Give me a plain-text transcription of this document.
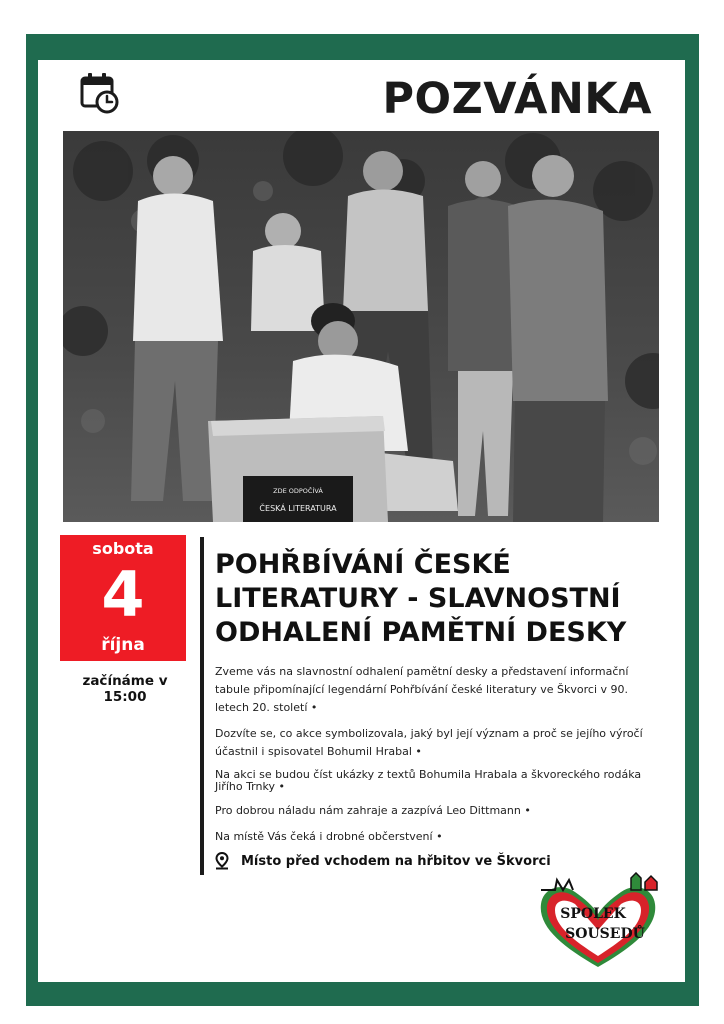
POZVÁNKA
ZDE ODPOČÍVÁ
ČESKÁ LITERATURA
sobota
4
října
začínáme v 15:00
POHŘBÍVÁNÍ ČESKÉ LITERATURY - SLAVNOSTNÍ ODHALENÍ PAMĚTNÍ DESKY

Zveme vás na slavnostní odhalení pamětní desky a představení informační tabule připomínající legendární Pohřbívání české literatury ve Škvorci v 90. letech 20. století •

Dozvíte se, co akce symbolizovala, jaký byl její význam a proč se jejího výročí účastnil i spisovatel Bohumil Hrabal •

Na akci se budou číst ukázky z textů Bohumila Hrabala a škvoreckého rodáka Jiřího Trnky •

Pro dobrou náladu nám zahraje a zazpívá Leo Dittmann •

Na místě Vás čeká i drobné občerstvení •

Místo před vchodem na hřbitov ve Škvorci
SPOLEK
SOUSEDŮ
